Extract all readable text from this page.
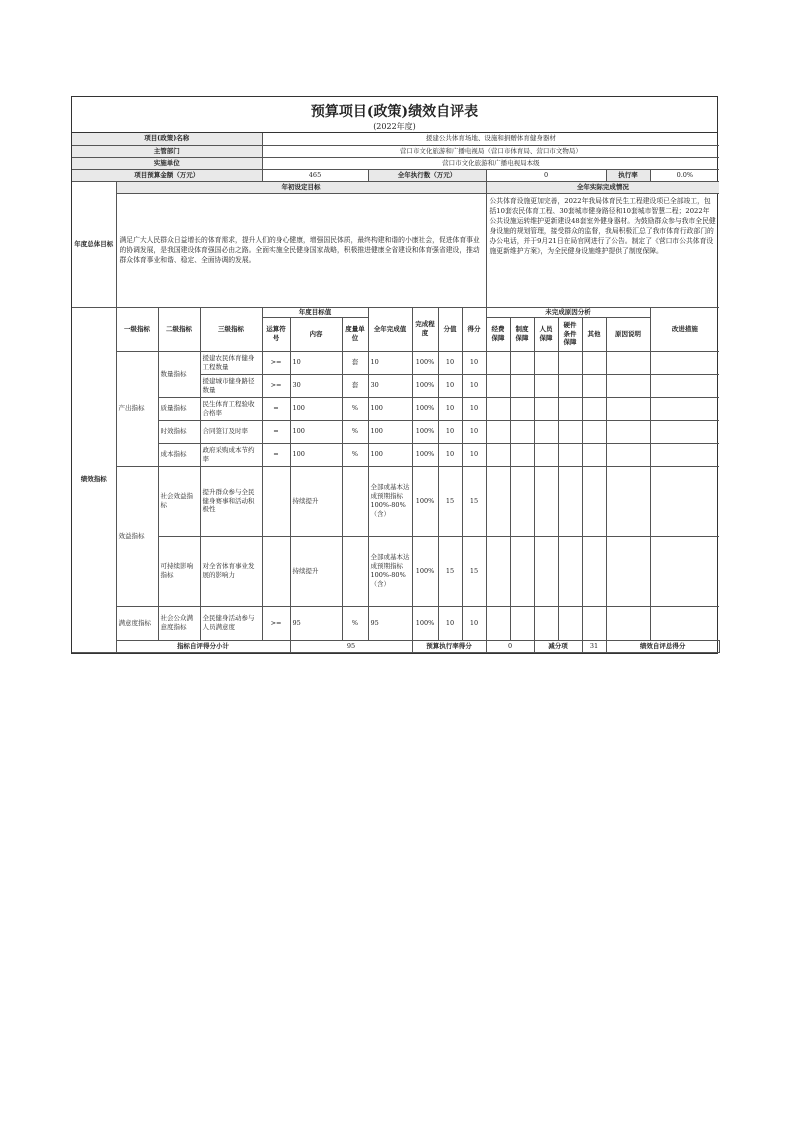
预算项目(政策)绩效自评表
(2022年度)
项目(政策)名称				援建公共体育场地、设施和捐赠体育健身器材														
主管部门				营口市文化旅游和广播电视局（营口市体育局、营口市文物局）														
实施单位				营口市文化旅游和广播电视局本级														
项目预算金额（万元）				465			全年执行数（万元）				0					执行率	0.0%	
年度总体目标	年初设定目标										全年实际完成情况							
	满足广大人民群众日益增长的体育需求，提升人们的身心健康，增强国民体质，最终构建和谐的小康社会，促进体育事业的协调发展，是我国建设体育强国必由之路。全面实施全民健身国家战略，积极推进健康全省建设和体育强省建设，推动群众体育事业和谐、稳定、全面协调的发展。										公共体育设施更加完善，2022年我局体育民生工程建设项已全部竣工，包括10套农民体育工程、30套城市健身路径和10套城市智慧二程；2022年公共设施运转维护更新建设48套室外健身器材。为鼓励群众参与我市全民健身设施的规划管理，接受群众的监督，我局积极汇总了我市体育行政部门的办公电话，并于9月21日在局官网进行了公告。制定了《营口市公共体育设施更新维护方案》，为全民健身设施维护提供了制度保障。							
绩效指标	一级指标	二级指标	三级指标	年度目标值			全年完成值	完成程度	分值	得分	未完成原因分析						改进措施	
				运算符号	内容	度量单位					经费保障	制度保障	人员保障	硬件条件保障	其他	原因说明		
	产出指标	数量指标	援建农民体育健身工程数量	>=	10	套	10	100%	10	10								
			援建城市健身路径数量	>=	30	套	30	100%	10	10								
		质量指标	民生体育工程验收合格率	=	100	%	100	100%	10	10								
		时效指标	合同签订及时率	=	100	%	100	100%	10	10								
		成本指标	政府采购成本节约率	=	100	%	100	100%	10	10								
	效益指标	社会效益指标	提升群众参与全民健身赛事和活动积极性		持续提升		全部或基本达成预期指标100%-80%（含）	100%	15	15								
		可持续影响指标	对全省体育事业发展的影响力		持续提升		全部或基本达成预期指标100%-80%（含）	100%	15	15								
	满意度指标	社会公众满意度指标	全民健身活动参与人员满意度	>=	95	%	95	100%	10	10								
	指标自评得分小计				95			预算执行率得分			0		减分项		31	绩效自评总得分	
